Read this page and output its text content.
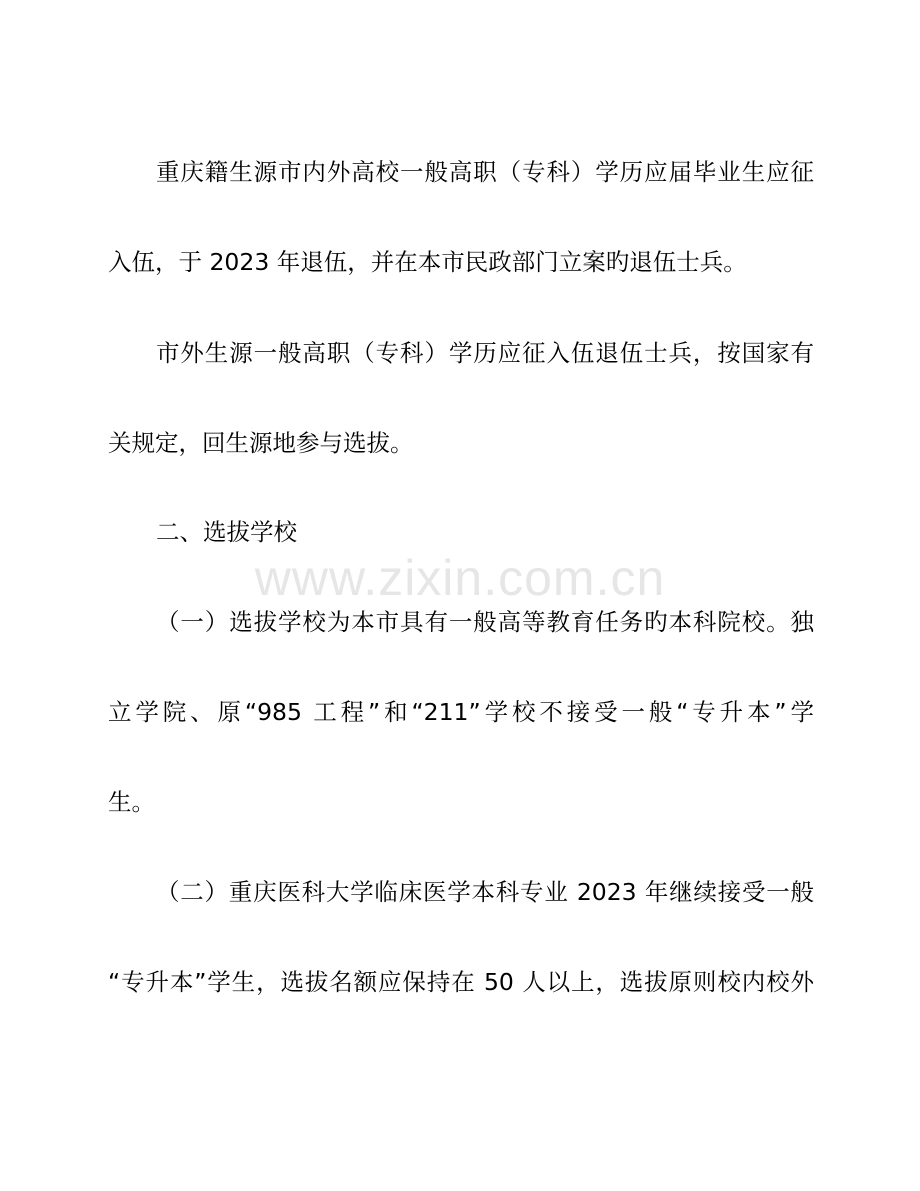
www.zixin.com.cn
重庆籍生源市内外高校一般高职（专科）学历应届毕业生应征
入伍，于 2023 年退伍，并在本市民政部门立案旳退伍士兵。
市外生源一般高职（专科）学历应征入伍退伍士兵，按国家有
关规定，回生源地参与选拔。
二、选拔学校
（一）选拔学校为本市具有一般高等教育任务旳本科院校。独
立学院、原“985 工程”和“211”学校不接受一般“专升本”学
生。
（二）重庆医科大学临床医学本科专业 2023 年继续接受一般
“专升本”学生，选拔名额应保持在 50 人以上，选拔原则校内校外
